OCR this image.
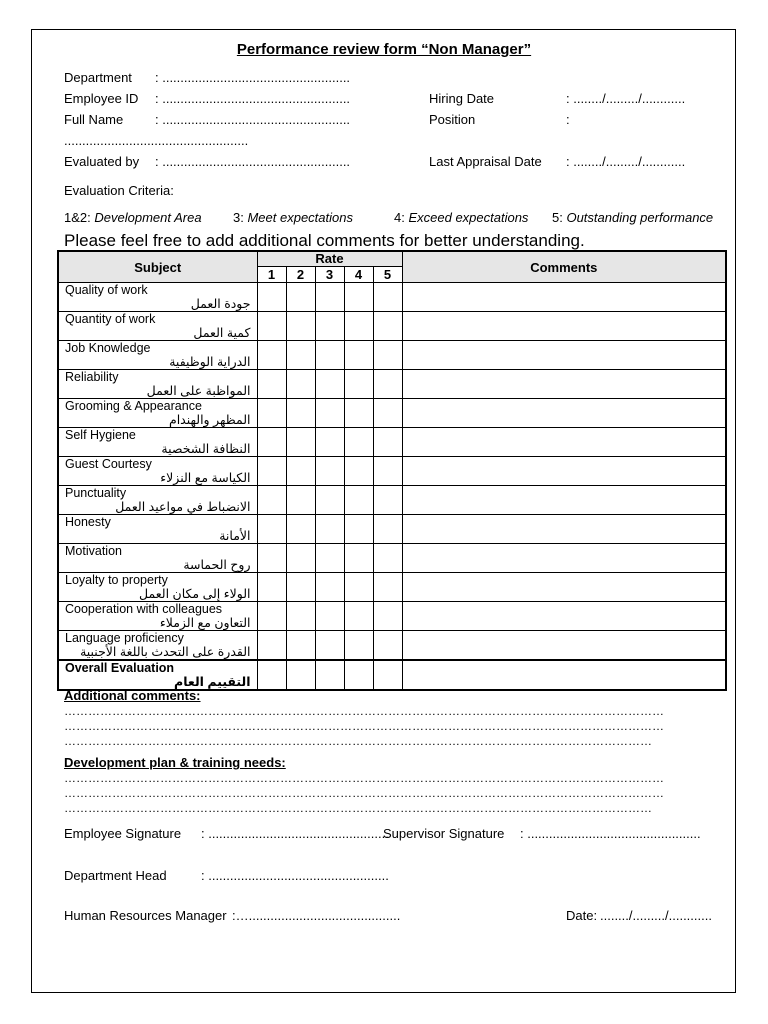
Performance review form “Non Manager”
Department : ....................................................
Employee ID : ....................................................	Hiring Date	: ......../........./............
Full Name : ....................................................	Position	:
...................................................
Evaluated by : ....................................................	Last Appraisal Date : ......../........./............
Evaluation Criteria:
1&2: Development Area 3: Meet expectations	4: Exceed expectations 5: Outstanding performance
Please feel free to add additional comments for better understanding.
Subject	Rate					Comments
	1	2	3	4	5	

Quality of work
جودة العمل						

Quantity of work
كمية العمل						

Job Knowledge
الدراية الوظيفية						

Reliability
المواظبة على العمل						

Grooming & Appearance
المظهر والهندام						

Self Hygiene
النظافة الشخصية						

Guest Courtesy
الكياسة مع النزلاء						

Punctuality
الانضباط في مواعيد العمل						

Honesty
الأمانة						

Motivation
روح الحماسة						

Loyalty to property
الولاء إلى مكان العمل						

Cooperation with colleagues
التعاون مع الزملاء						

Language proficiency
القدرة على التحدث باللغة الأجنبية						

Overall Evaluation
التقييم العام						

Additional comments:
……………………………………………………………………………………………………………………………………
……………………………………………………………………………………………………………………………………
…………………………………………………………………………………………………………………………………
Development plan & training needs:
……………………………………………………………………………………………………………………………………
……………………………………………………………………………………………………………………………………
…………………………………………………………………………………………………………………………………
Employee Signature : ..................................................
Supervisor Signature : ................................................
Department Head	: ..................................................
Human Resources Manager :…..........................................	Date: ......../........./............
